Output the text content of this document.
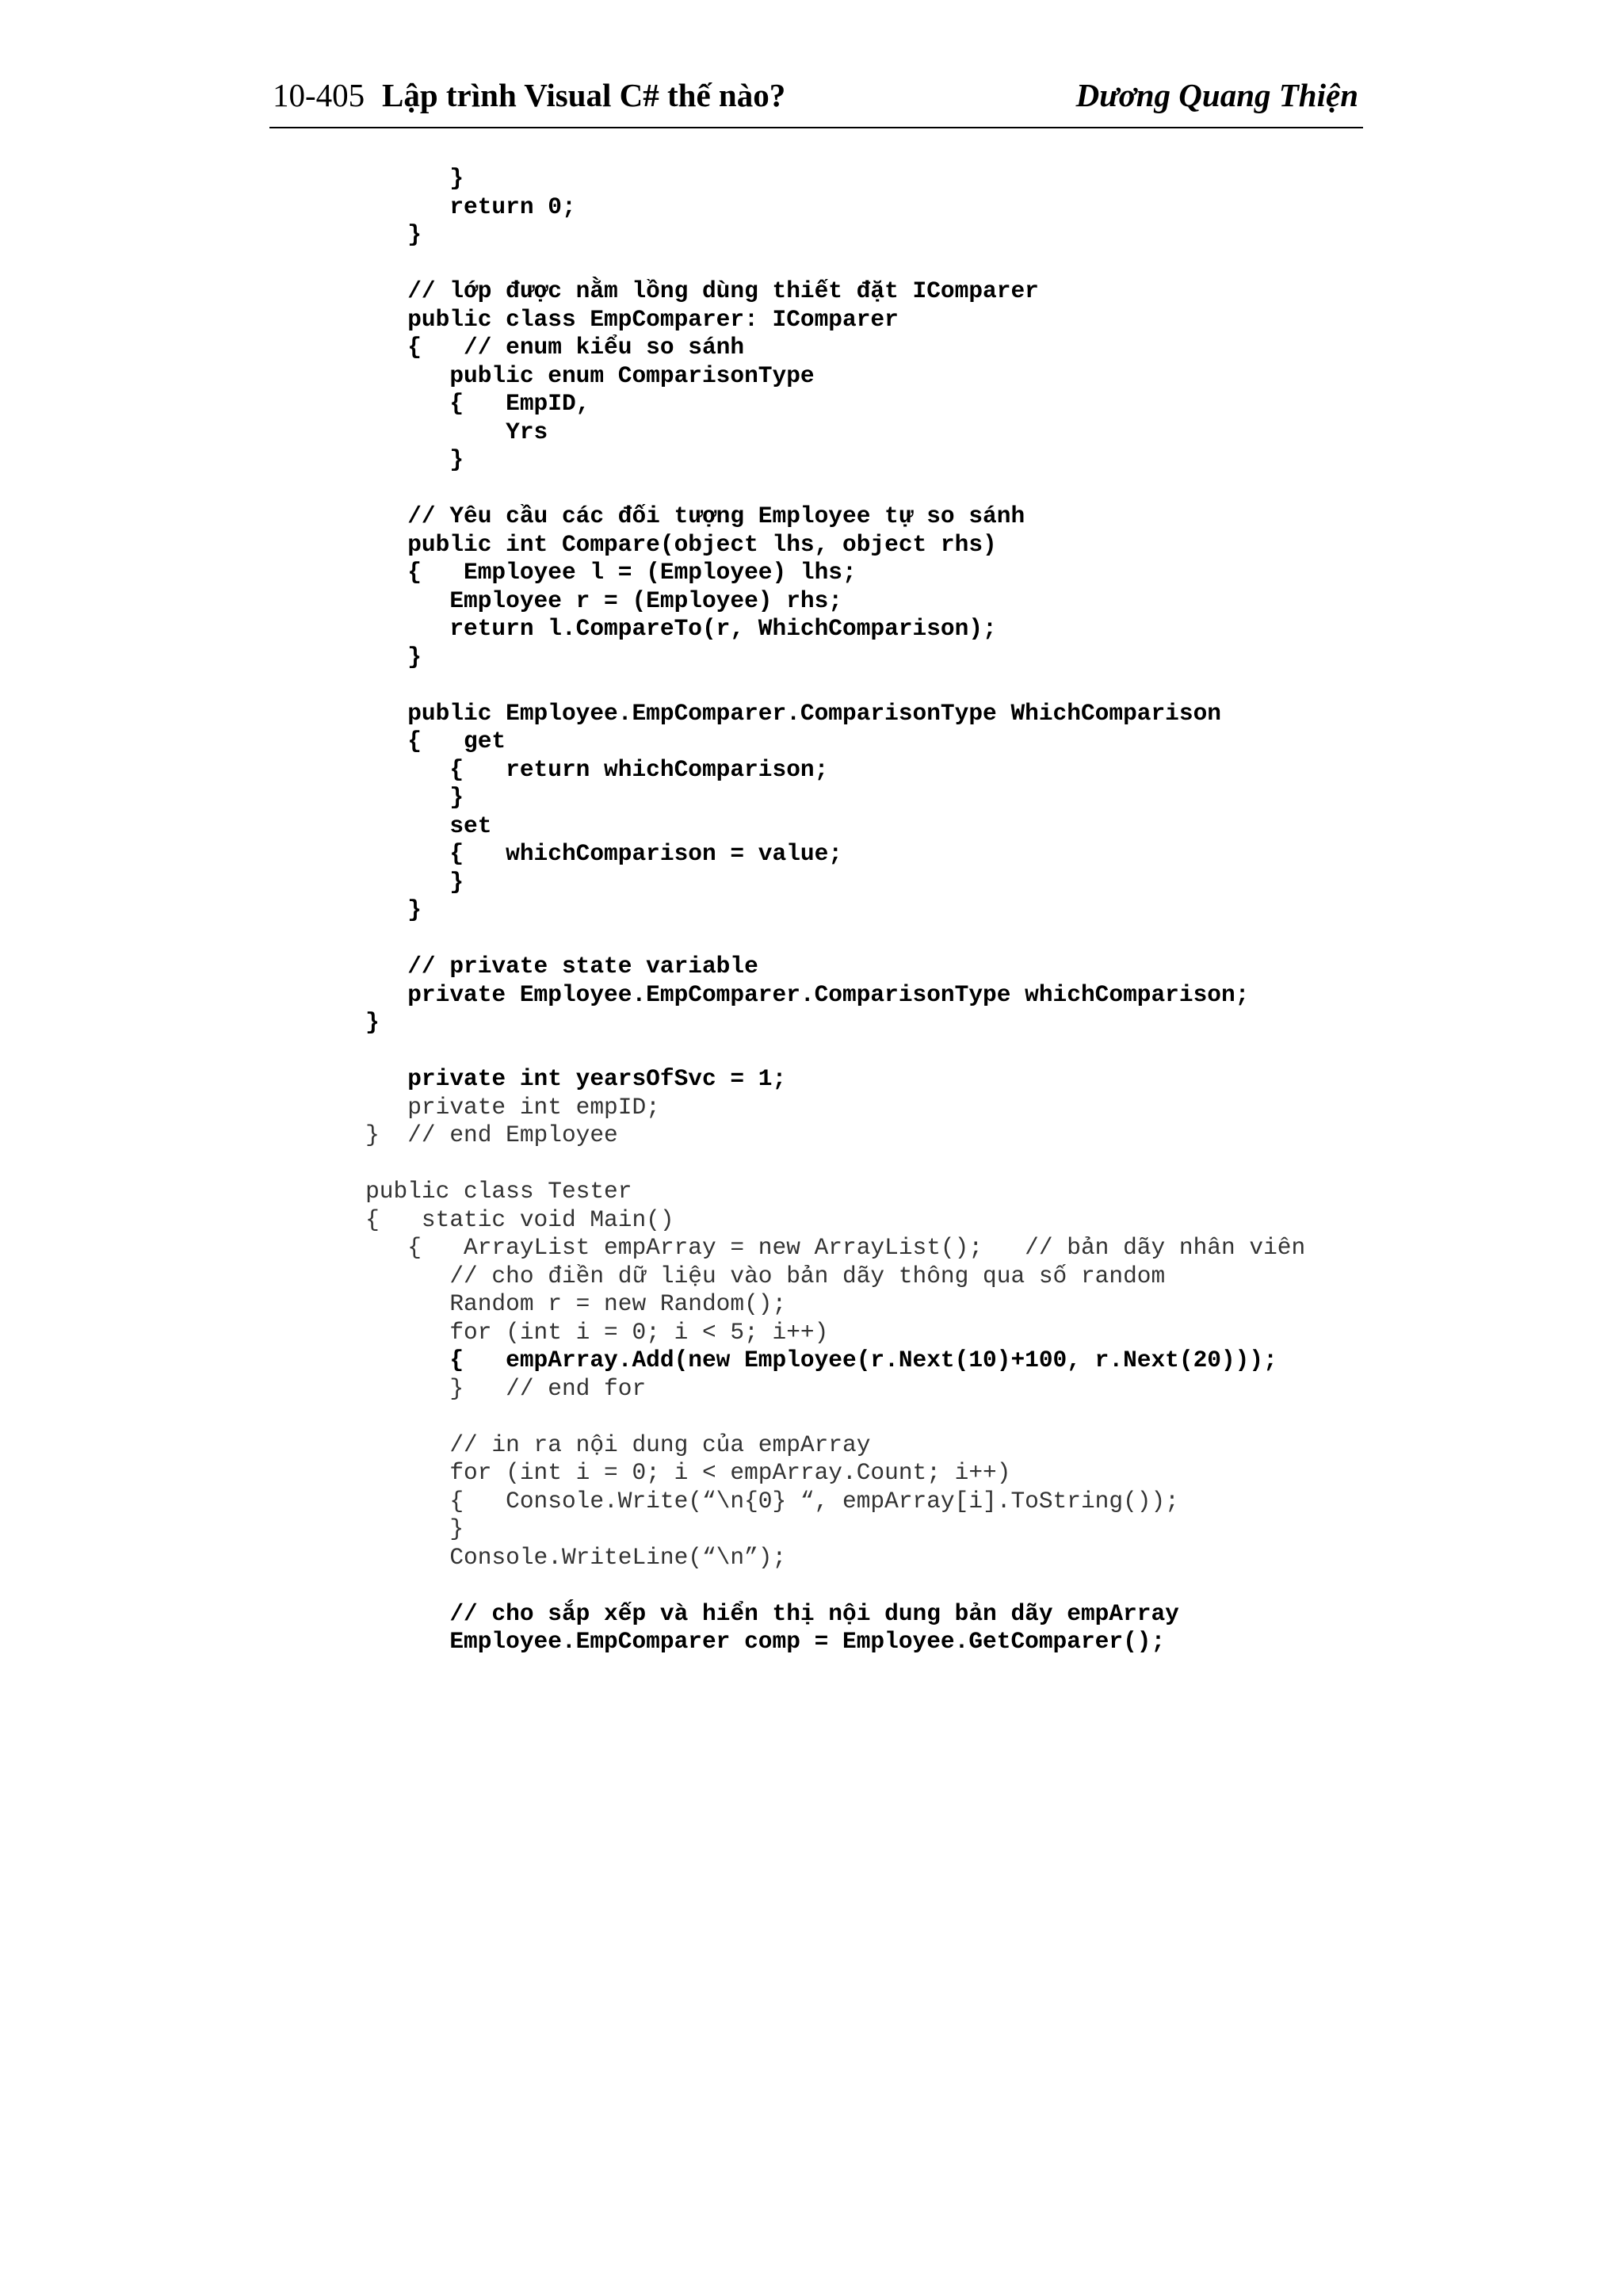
10-405 Lập trình Visual C# thế nào?	Dương Quang Thiện
}
return 0;
}
// lớp được nằm lồng dùng thiết đặt IComparer
public class EmpComparer: IComparer
{   // enum kiểu so sánh
public enum ComparisonType
{   EmpID,
Yrs
}
// Yêu cầu các đối tượng Employee tự so sánh
public int Compare(object lhs, object rhs)
{   Employee l = (Employee) lhs;
Employee r = (Employee) rhs;
return l.CompareTo(r, WhichComparison);
}
public Employee.EmpComparer.ComparisonType WhichComparison
{   get
{   return whichComparison;
}
set
{   whichComparison = value;
}
}
// private state variable
private Employee.EmpComparer.ComparisonType whichComparison;
}
private int yearsOfSvc = 1;
private int empID;
}  // end Employee
public class Tester
{   static void Main()
{   ArrayList empArray = new ArrayList();   // bản dãy nhân viên
// cho điền dữ liệu vào bản dãy thông qua số random
Random r = new Random();
for (int i = 0; i < 5; i++)
{   empArray.Add(new Employee(r.Next(10)+100, r.Next(20)));
}   // end for
// in ra nội dung của empArray
for (int i = 0; i < empArray.Count; i++)
{   Console.Write(“\n{0} “, empArray[i].ToString());
}
Console.WriteLine(“\n”);
// cho sắp xếp và hiển thị nội dung bản dãy empArray
Employee.EmpComparer comp = Employee.GetComparer();
